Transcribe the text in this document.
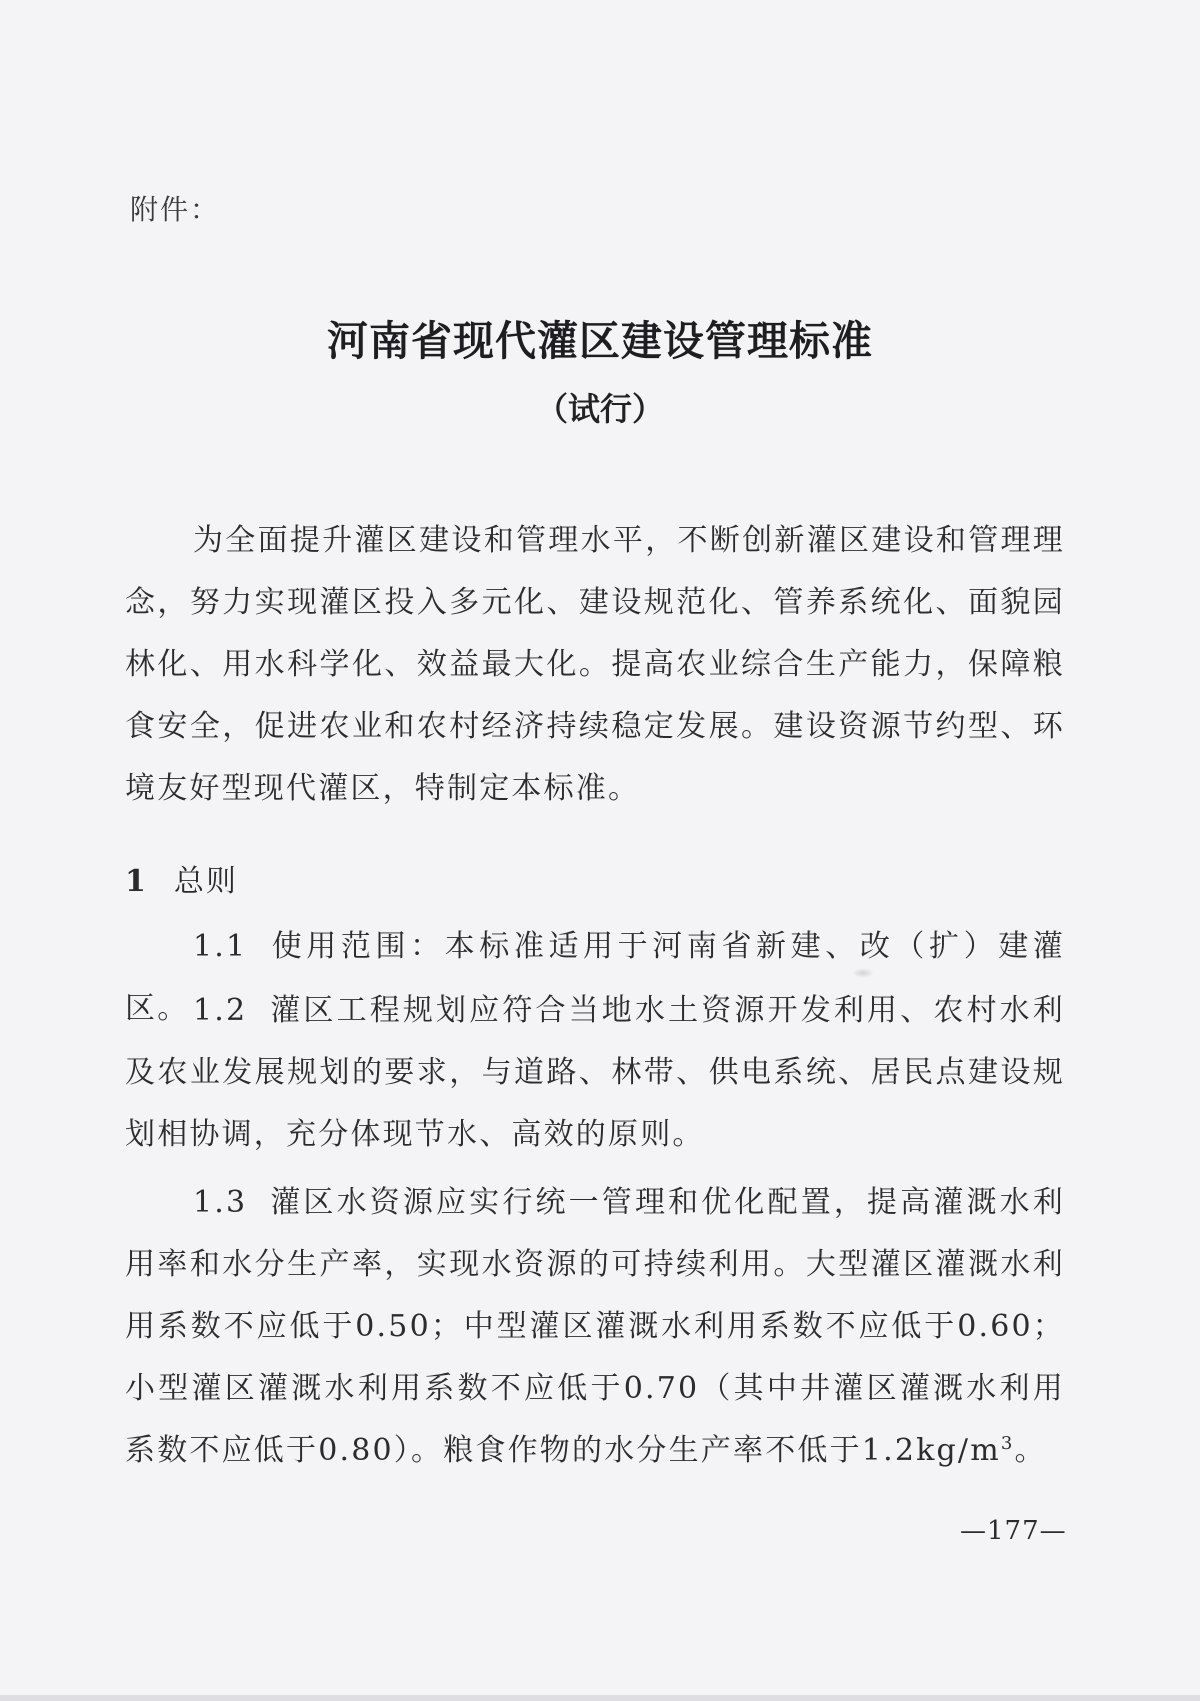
附件：
河南省现代灌区建设管理标准
（试行）
为全面提升灌区建设和管理水平，不断创新灌区建设和管理理念，努力实现灌区投入多元化、建设规范化、管养系统化、面貌园林化、用水科学化、效益最大化。提高农业综合生产能力，保障粮食安全，促进农业和农村经济持续稳定发展。建设资源节约型、环境友好型现代灌区，特制定本标准。
1 总则
1.1 使用范围：本标准适用于河南省新建、改（扩）建灌区。 1.2 灌区工程规划应符合当地水土资源开发利用、农村水利及农业发展规划的要求，与道路、林带、供电系统、居民点建设规划相协调，充分体现节水、高效的原则。
1.3 灌区水资源应实行统一管理和优化配置，提高灌溉水利用率和水分生产率，实现水资源的可持续利用。大型灌区灌溉水利用系数不应低于0.50；中型灌区灌溉水利用系数不应低于0.60；小型灌区灌溉水利用系数不应低于0.70（其中井灌区灌溉水利用系数不应低于0.80）。粮食作物的水分生产率不低于$1.2kg/m^3$。
—177—
